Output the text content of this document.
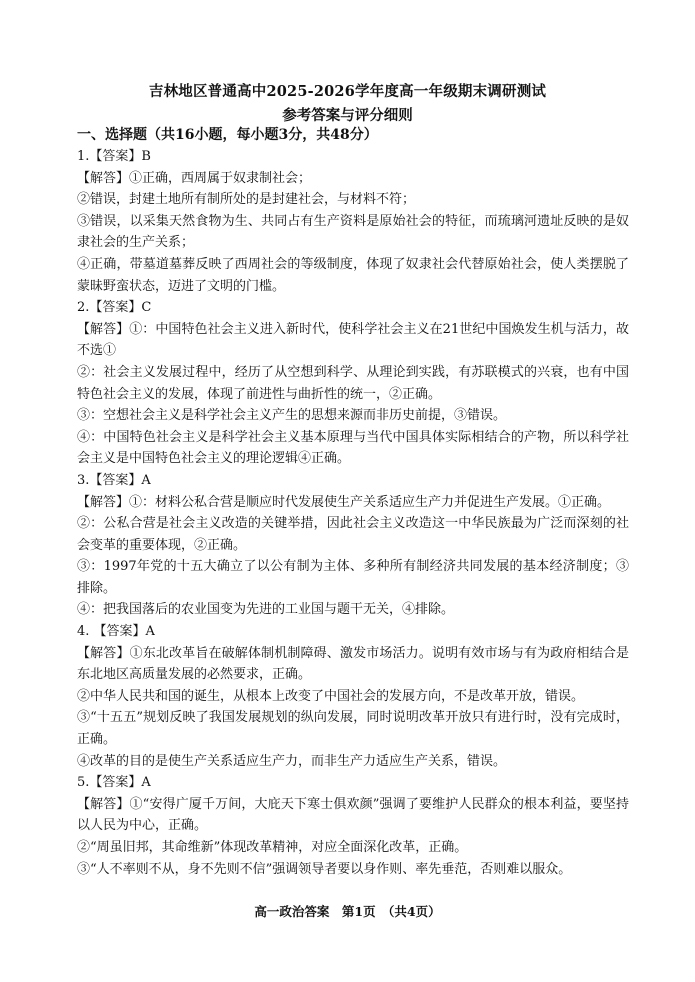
吉林地区普通高中2025-2026学年度高一年级期末调研测试
参考答案与评分细则
一、选择题（共16小题，每小题3分，共48分）
1.【答案】B

【解答】①正确，西周属于奴隶制社会；

②错误，封建土地所有制所处的是封建社会，与材料不符；

③错误，以采集天然食物为生、共同占有生产资料是原始社会的特征，而琉璃河遗址反映的是奴隶社会的生产关系；

④正确，带墓道墓葬反映了西周社会的等级制度，体现了奴隶社会代替原始社会，使人类摆脱了蒙昧野蛮状态，迈进了文明的门槛。

2.【答案】C

【解答】①：中国特色社会主义进入新时代，使科学社会主义在21世纪中国焕发生机与活力，故不选①

②：社会主义发展过程中，经历了从空想到科学、从理论到实践，有苏联模式的兴衰，也有中国特色社会主义的发展，体现了前进性与曲折性的统一，②正确。

③：空想社会主义是科学社会主义产生的思想来源而非历史前提，③错误。

④：中国特色社会主义是科学社会主义基本原理与当代中国具体实际相结合的产物，所以科学社会主义是中国特色社会主义的理论逻辑④正确。

3.【答案】A

【解答】①：材料公私合营是顺应时代发展使生产关系适应生产力并促进生产发展。①正确。

②：公私合营是社会主义改造的关键举措，因此社会主义改造这一中华民族最为广泛而深刻的社会变革的重要体现，②正确。

③：1997年党的十五大确立了以公有制为主体、多种所有制经济共同发展的基本经济制度；③排除。

④：把我国落后的农业国变为先进的工业国与题干无关，④排除。

4. 【答案】A

【解答】①东北改革旨在破解体制机制障碍、激发市场活力。说明有效市场与有为政府相结合是东北地区高质量发展的必然要求，正确。

②中华人民共和国的诞生，从根本上改变了中国社会的发展方向，不是改革开放，错误。

③“十五五”规划反映了我国发展规划的纵向发展，同时说明改革开放只有进行时，没有完成时，正确。

④改革的目的是使生产关系适应生产力，而非生产力适应生产关系，错误。

5.【答案】A

【解答】①“安得广厦千万间，大庇天下寒士俱欢颜”强调了要维护人民群众的根本利益，要坚持以人民为中心，正确。

②“周虽旧邦，其命维新”体现改革精神，对应全面深化改革，正确。

③“人不率则不从，身不先则不信”强调领导者要以身作则、率先垂范，否则难以服众。

高一政治答案　第1页　（共4页）
